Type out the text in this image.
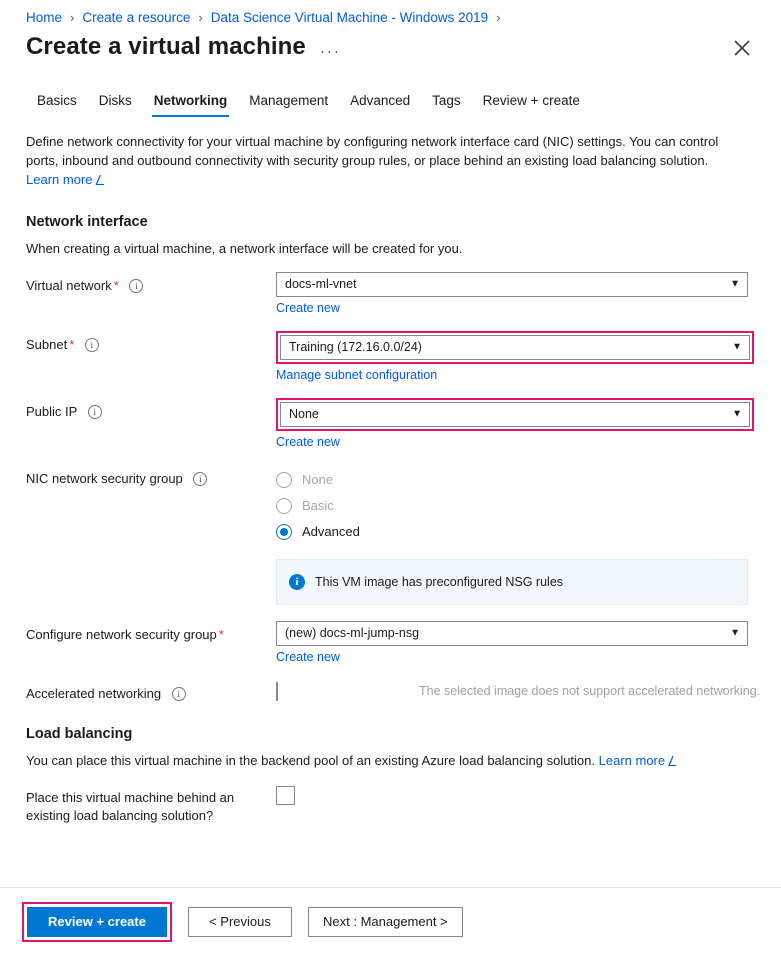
Home › Create a resource › Data Science Virtual Machine - Windows 2019 ›
Create a virtual machine ···
Basics	Disks	Networking	Management	Advanced	Tags	Review + create
Define network connectivity for your virtual machine by configuring network interface card (NIC) settings. You can control ports, inbound and outbound connectivity with security group rules, or place behind an existing load balancing solution.
Learn more ⎳
Network interface
When creating a virtual machine, a network interface will be created for you.
Virtual network * i	docs-ml-vnet	▼
Create new
Subnet * i	Training (172.16.0.0/24)	▼
Manage subnet configuration
Public IP i	None	▼
Create new
NIC network security group i	None
Basic
Advanced
i	This VM image has preconfigured NSG rules
Configure network security group *	(new) docs-ml-jump-nsg	▼
Create new
Accelerated networking i	The selected image does not support accelerated networking.
Load balancing
You can place this virtual machine in the backend pool of an existing Azure load balancing solution. Learn more ⎳
Place this virtual machine behind an existing load balancing solution?
Review + create	< Previous	Next : Management >
